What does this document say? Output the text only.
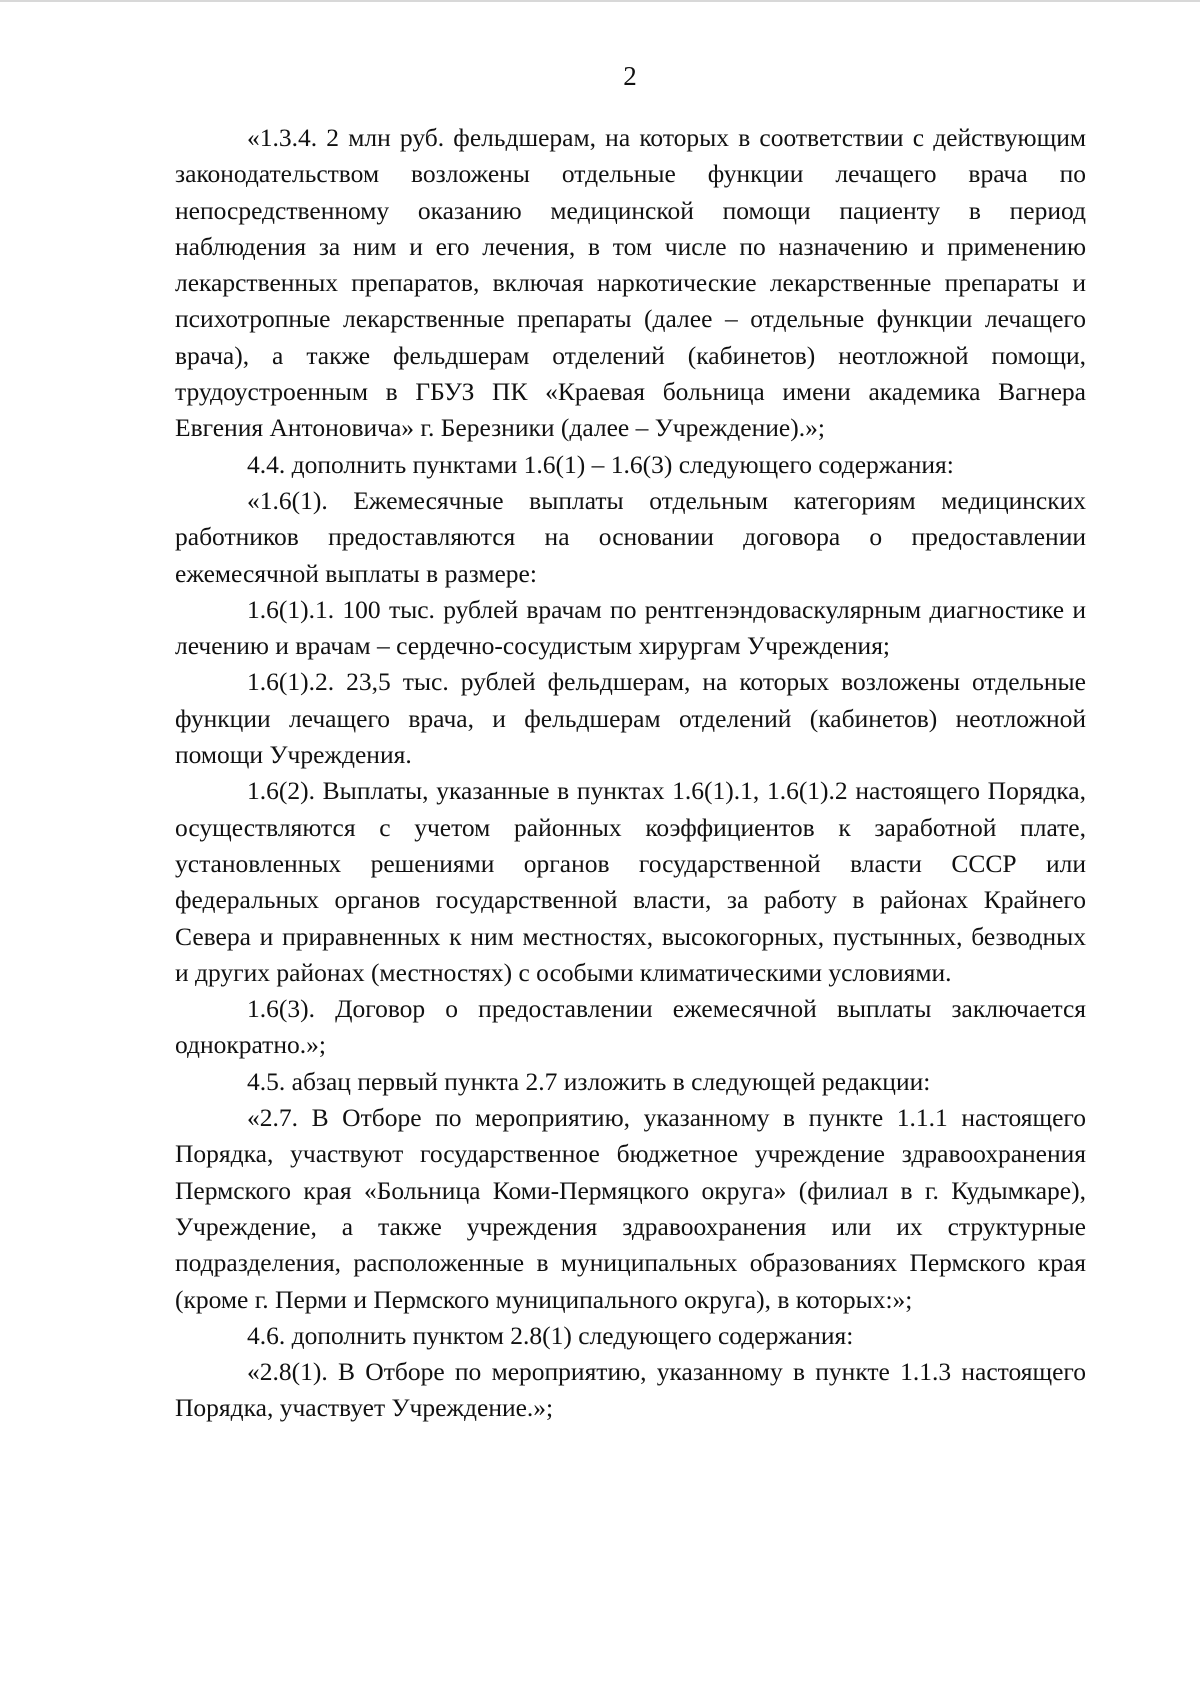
2

«1.3.4. 2 млн руб. фельдшерам, на которых в соответствии с действующим законодательством возложены отдельные функции лечащего врача по непосредственному оказанию медицинской помощи пациенту в период наблюдения за ним и его лечения, в том числе по назначению и применению лекарственных препаратов, включая наркотические лекарственные препараты и психотропные лекарственные препараты (далее – отдельные функции лечащего врача), а также фельдшерам отделений (кабинетов) неотложной помощи, трудоустроенным в ГБУЗ ПК «Краевая больница имени академика Вагнера Евгения Антоновича» г. Березники (далее – Учреждение).»;

4.4. дополнить пунктами 1.6(1) – 1.6(3) следующего содержания:

«1.6(1). Ежемесячные выплаты отдельным категориям медицинских работников предоставляются на основании договора о предоставлении ежемесячной выплаты в размере:

1.6(1).1. 100 тыс. рублей врачам по рентгенэндоваскулярным диагностике и лечению и врачам – сердечно-сосудистым хирургам Учреждения;

1.6(1).2. 23,5 тыс. рублей фельдшерам, на которых возложены отдельные функции лечащего врача, и фельдшерам отделений (кабинетов) неотложной помощи Учреждения.

1.6(2). Выплаты, указанные в пунктах 1.6(1).1, 1.6(1).2 настоящего Порядка, осуществляются с учетом районных коэффициентов к заработной плате, установленных решениями органов государственной власти СССР или федеральных органов государственной власти, за работу в районах Крайнего Севера и приравненных к ним местностях, высокогорных, пустынных, безводных и других районах (местностях) с особыми климатическими условиями.

1.6(3). Договор о предоставлении ежемесячной выплаты заключается однократно.»;

4.5. абзац первый пункта 2.7 изложить в следующей редакции:

«2.7. В Отборе по мероприятию, указанному в пункте 1.1.1 настоящего Порядка, участвуют государственное бюджетное учреждение здравоохранения Пермского края «Больница Коми-Пермяцкого округа» (филиал в г. Кудымкаре), Учреждение, а также учреждения здравоохранения или их структурные подразделения, расположенные в муниципальных образованиях Пермского края (кроме г. Перми и Пермского муниципального округа), в которых:»;

4.6. дополнить пунктом 2.8(1) следующего содержания:

«2.8(1). В Отборе по мероприятию, указанному в пункте 1.1.3 настоящего Порядка, участвует Учреждение.»;
